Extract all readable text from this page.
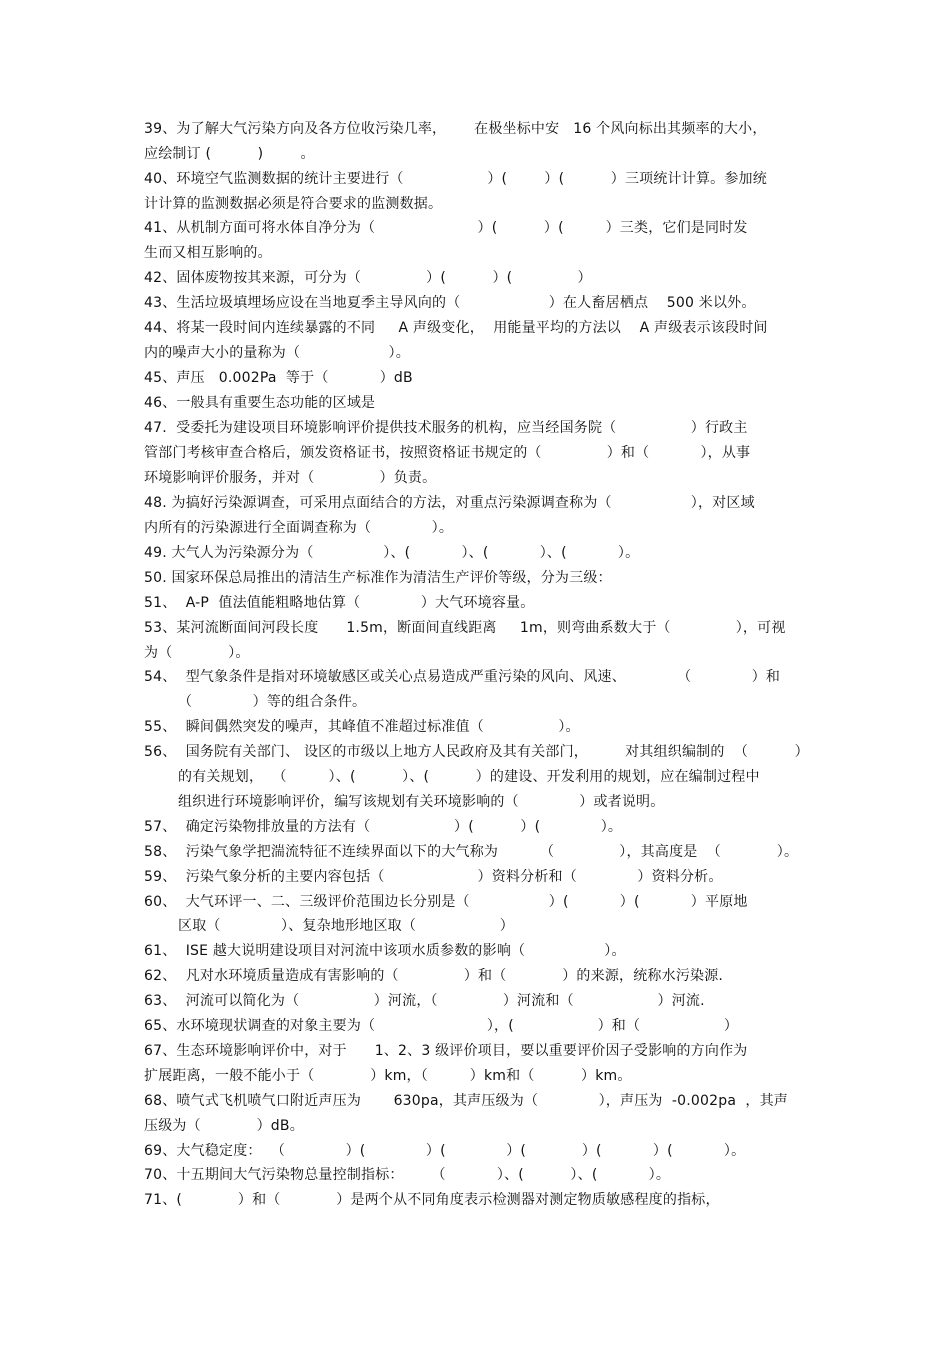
39、为了解大气污染方向及各方位收污染几率，      在极坐标中安   16 个风向标出其频率的大小，
应绘制订 (          )        。
40、环境空气监测数据的统计主要进行（                  ）(        ）(          ）三项统计计算。参加统
计计算的监测数据必须是符合要求的监测数据。
41、从机制方面可将水体自净分为（                      ）(          ）(         ）三类，它们是同时发
生而又相互影响的。
42、固体废物按其来源，可分为（              ）(          ）(              ）
43、生活垃圾填埋场应设在当地夏季主导风向的（                   ）在人畜居栖点    500 米以外。
44、将某一段时间内连续暴露的不同     A 声级变化，  用能量平均的方法以    A 声级表示该段时间
内的噪声大小的量称为（                   ）。
45、声压   0.002Pa  等于（           ）dB
46、一般具有重要生态功能的区域是
47.  受委托为建设项目环境影响评价提供技术服务的机构，应当经国务院（                ）行政主
管部门考核审查合格后，颁发资格证书，按照资格证书规定的（              ）和（           ），从事
环境影响评价服务，并对（              ）负责。
48. 为搞好污染源调查，可采用点面结合的方法，对重点污染源调查称为（                 ），对区域
内所有的污染源进行全面调查称为（             ）。
49. 大气人为污染源分为（               ）、(           ）、(           ）、(           ）。
50. 国家环保总局推出的清洁生产标准作为清洁生产评价等级，分为三级：
51、  A-P  值法值能粗略地估算（             ）大气环境容量。
53、某河流断面间河段长度      1.5m，断面间直线距离     1m，则弯曲系数大于（              ），可视
为（            ）。
54、  型气象条件是指对环境敏感区或关心点易造成严重污染的风向、风速、           （             ）和
（             ）等的组合条件。
55、  瞬间偶然突发的噪声，其峰值不准超过标准值（                ）。
56、  国务院有关部门、 设区的市级以上地方人民政府及其有关部门，        对其组织编制的  （          ）
的有关规划，  （         ）、(          ）、(          ）的建设、开发利用的规划，应在编制过程中
组织进行环境影响评价，编写该规划有关环境影响的（             ）或者说明。
57、  确定污染物排放量的方法有（                  ）(          ）(             ）。
58、  污染气象学把湍流特征不连续界面以下的大气称为         （              ），其高度是  （            ）。
59、  污染气象分析的主要内容包括（                    ）资料分析和（             ）资料分析。
60、  大气环评一、二、三级评价范围边长分别是（                 ）(           ）(           ）平原地
区取（             ）、复杂地形地区取（                  ）
61、  ISE 越大说明建设项目对河流中该项水质参数的影响（                 ）。
62、  凡对水环境质量造成有害影响的（              ）和（            ）的来源，统称水污染源.
63、  河流可以简化为（                ）河流，（              ）河流和（                  ）河流.
65、水环境现状调查的对象主要为（                        ），(                  ）和（                  ）
67、生态环境影响评价中，对于      1、2、3 级评价项目，要以重要评价因子受影响的方向作为
扩展距离，一般不能小于（            ）km，（         ）km和（          ）km。
68、喷气式飞机喷气口附近声压为       630pa，其声压级为（             ），声压为  -0.002pa  ，其声
压级为（            ）dB。
69、大气稳定度：  （             ）(             ）(             ）(            ）(           ）(           ）。
70、十五期间大气污染物总量控制指标：      （           ）、(          ）、(           ）。
71、(            ）和（            ）是两个从不同角度表示检测器对测定物质敏感程度的指标，
